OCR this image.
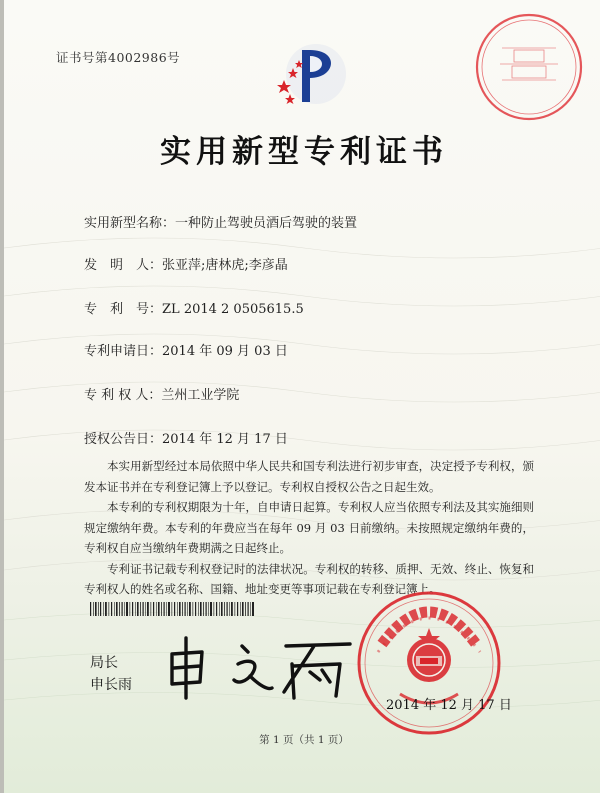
证书号第4002986号
实用新型专利证书
实用新型名称：一种防止驾驶员酒后驾驶的装置
发　明　人：张亚萍;唐林虎;李彦晶
专　利　号：ZL 2014 2 0505615.5
专利申请日：2014 年 09 月 03 日
专 利 权 人：兰州工业学院
授权公告日：2014 年 12 月 17 日

本实用新型经过本局依照中华人民共和国专利法进行初步审查，决定授予专利权，颁发本证书并在专利登记簿上予以登记。专利权自授权公告之日起生效。

本专利的专利权期限为十年，自申请日起算。专利权人应当依照专利法及其实施细则规定缴纳年费。本专利的年费应当在每年 09 月 03 日前缴纳。未按照规定缴纳年费的，专利权自应当缴纳年费期满之日起终止。

专利证书记载专利权登记时的法律状况。专利权的转移、质押、无效、终止、恢复和专利权人的姓名或名称、国籍、地址变更等事项记载在专利登记簿上。

局长
申长雨
2014 年 12 月 17 日
第 1 页（共 1 页）
